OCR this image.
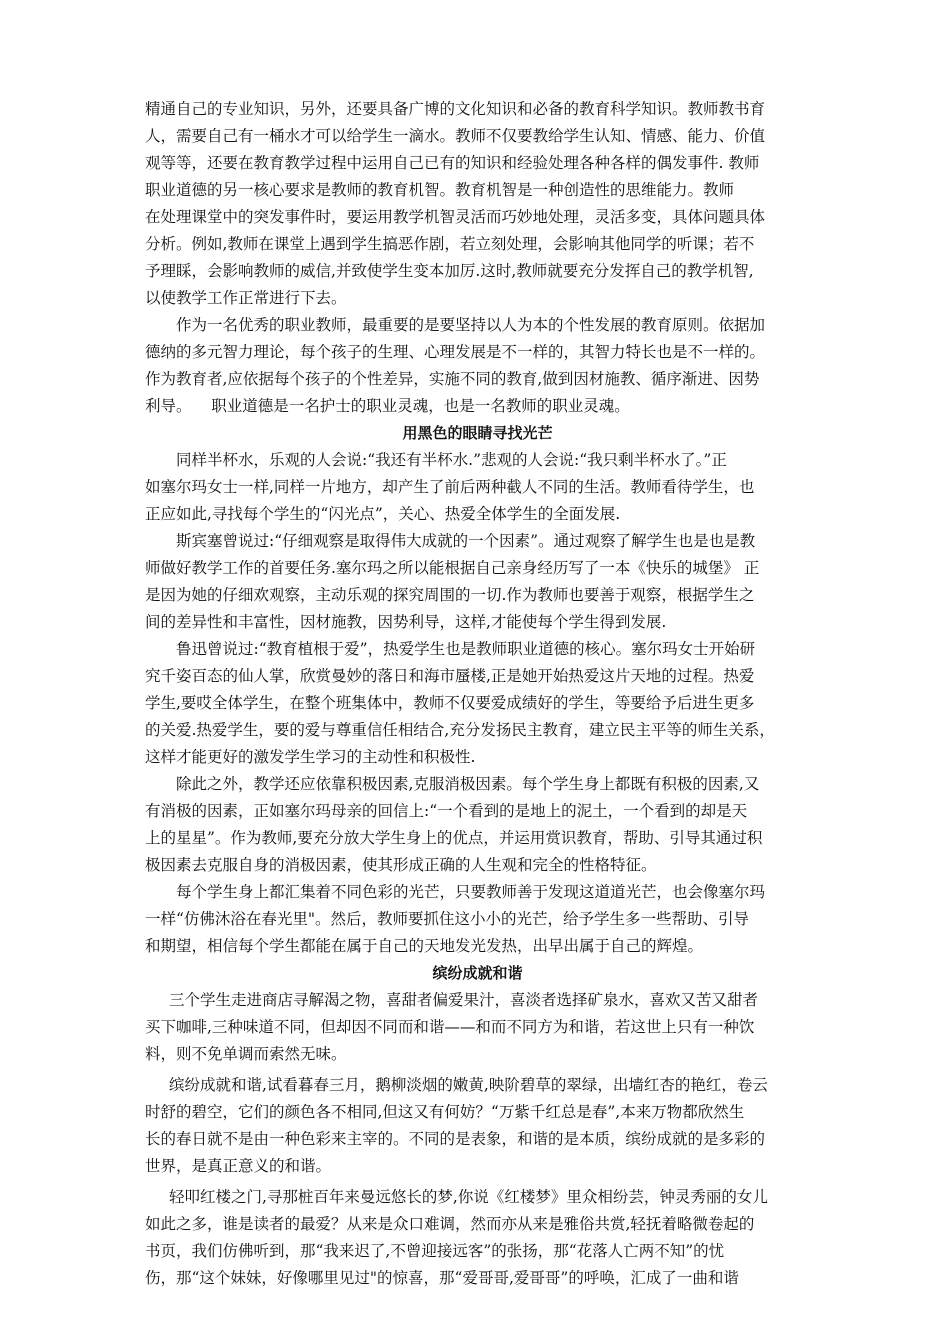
精通自己的专业知识，另外，还要具备广博的文化知识和必备的教育科学知识。教师教书育
人，需要自己有一桶水才可以给学生一滴水。教师不仅要教给学生认知、情感、能力、价值
观等等，还要在教育教学过程中运用自己已有的知识和经验处理各种各样的偶发事件. 教师
职业道德的另一核心要求是教师的教育机智。教育机智是一种创造性的思维能力。教师
在处理课堂中的突发事件时，要运用教学机智灵活而巧妙地处理，灵活多变，具体问题具体
分析。例如,教师在课堂上遇到学生搞恶作剧，若立刻处理，会影响其他同学的听课；若不
予理睬，会影响教师的威信,并致使学生变本加厉.这时,教师就要充分发挥自己的教学机智,
以使教学工作正常进行下去。
作为一名优秀的职业教师，最重要的是要坚持以人为本的个性发展的教育原则。依据加
德纳的多元智力理论，每个孩子的生理、心理发展是不一样的，其智力特长也是不一样的。
作为教育者,应依据每个孩子的个性差异，实施不同的教育,做到因材施教、循序渐进、因势
利导。    职业道德是一名护士的职业灵魂，也是一名教师的职业灵魂。
用黑色的眼睛寻找光芒
同样半杯水，乐观的人会说:“我还有半杯水.”悲观的人会说:“我只剩半杯水了。”正
如塞尔玛女士一样,同样一片地方，却产生了前后两种截人不同的生活。教师看待学生，也
正应如此,寻找每个学生的“闪光点”，关心、热爱全体学生的全面发展.
斯宾塞曾说过:“仔细观察是取得伟大成就的一个因素”。通过观察了解学生也是也是教
师做好教学工作的首要任务.塞尔玛之所以能根据自己亲身经历写了一本《快乐的城堡》 正
是因为她的仔细欢观察，主动乐观的探究周围的一切.作为教师也要善于观察，根据学生之
间的差异性和丰富性，因材施教，因势利导，这样,才能使每个学生得到发展.
鲁迅曾说过:“教育植根于爱”，热爱学生也是教师职业道德的核心。塞尔玛女士开始研
究千姿百态的仙人掌，欣赏曼妙的落日和海市蜃楼,正是她开始热爱这片天地的过程。热爱
学生,要哎全体学生，在整个班集体中，教师不仅要爱成绩好的学生，等要给予后进生更多
的关爱.热爱学生，要的爱与尊重信任相结合,充分发扬民主教育，建立民主平等的师生关系，
这样才能更好的激发学生学习的主动性和积极性.
除此之外，教学还应依靠积极因素,克服消极因素。每个学生身上都既有积极的因素,又
有消极的因素，正如塞尔玛母亲的回信上:“一个看到的是地上的泥土，一个看到的却是天
上的星星”。作为教师,要充分放大学生身上的优点，并运用赏识教育，帮助、引导其通过积
极因素去克服自身的消极因素，使其形成正确的人生观和完全的性格特征。
每个学生身上都汇集着不同色彩的光芒，只要教师善于发现这道道光芒，也会像塞尔玛
一样“仿佛沐浴在春光里"。然后，教师要抓住这小小的光芒，给予学生多一些帮助、引导
和期望，相信每个学生都能在属于自己的天地发光发热，出早出属于自己的辉煌。
缤纷成就和谐
三个学生走进商店寻解渴之物，喜甜者偏爱果汁，喜淡者选择矿泉水，喜欢又苦又甜者
买下咖啡,三种味道不同，但却因不同而和谐——和而不同方为和谐，若这世上只有一种饮
料，则不免单调而索然无味。
缤纷成就和谐,试看暮春三月，鹅柳淡烟的嫩黄,映阶碧草的翠绿，出墙红杏的艳红，卷云
时舒的碧空，它们的颜色各不相同,但这又有何妨？“万紫千红总是春”,本来万物都欣然生
长的春日就不是由一种色彩来主宰的。不同的是表象，和谐的是本质，缤纷成就的是多彩的
世界，是真正意义的和谐。
轻叩红楼之门,寻那桩百年来曼远悠长的梦,你说《红楼梦》里众相纷芸，钟灵秀丽的女儿
如此之多，谁是读者的最爱？从来是众口难调，然而亦从来是雅俗共赏,轻抚着略微卷起的
书页，我们仿佛听到，那“我来迟了,不曾迎接远客”的张扬，那“花落人亡两不知”的忧
伤，那“这个妹妹，好像哪里见过"的惊喜，那“爱哥哥,爱哥哥”的呼唤，汇成了一曲和谐
